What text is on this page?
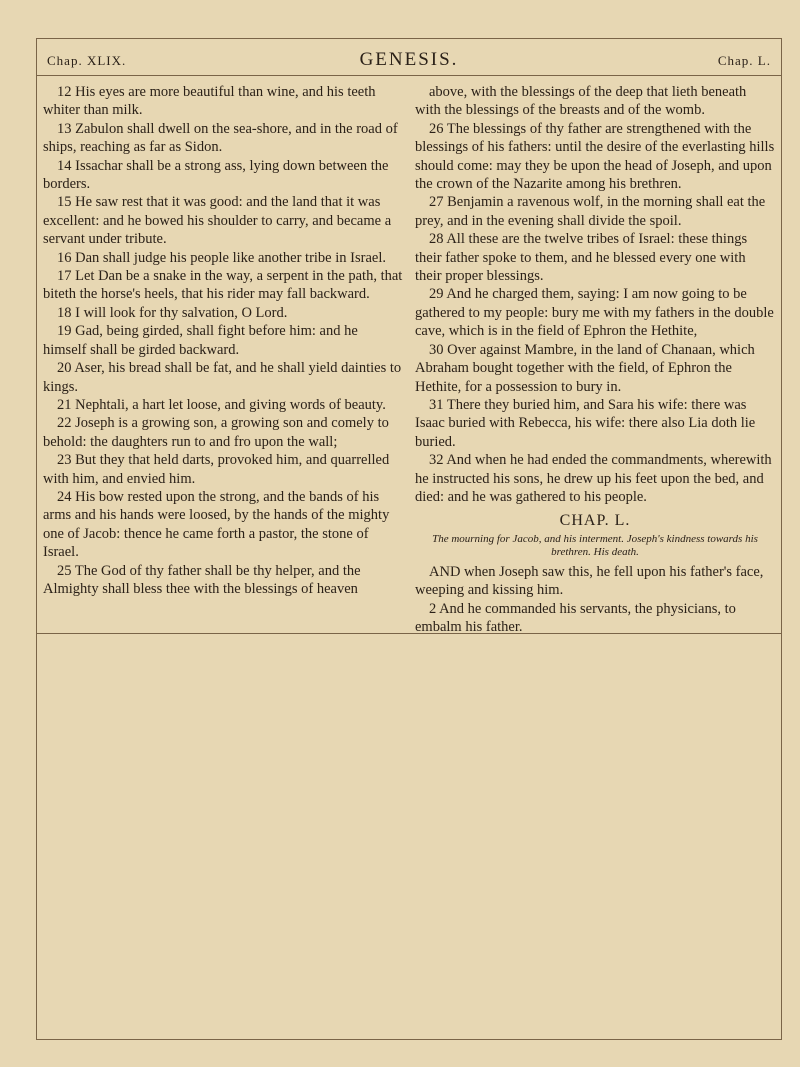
Chap. XLIX.	GENESIS.	Chap. L.

12 His eyes are more beautiful than wine, and his teeth whiter than milk.

13 Zabulon shall dwell on the sea-shore, and in the road of ships, reaching as far as Sidon.

14 Issachar shall be a strong ass, lying down between the borders.

15 He saw rest that it was good: and the land that it was excellent: and he bowed his shoulder to carry, and became a servant under tribute.

16 Dan shall judge his people like another tribe in Israel.

17 Let Dan be a snake in the way, a serpent in the path, that biteth the horse's heels, that his rider may fall backward.

18 I will look for thy salvation, O Lord.

19 Gad, being girded, shall fight before him: and he himself shall be girded backward.

20 Aser, his bread shall be fat, and he shall yield dainties to kings.

21 Nephtali, a hart let loose, and giving words of beauty.

22 Joseph is a growing son, a growing son and comely to behold: the daughters run to and fro upon the wall;

23 But they that held darts, provoked him, and quarrelled with him, and envied him.

24 His bow rested upon the strong, and the bands of his arms and his hands were loosed, by the hands of the mighty one of Jacob: thence he came forth a pastor, the stone of Israel.

25 The God of thy father shall be thy helper, and the Almighty shall bless thee with the blessings of heaven

above, with the blessings of the deep that lieth beneath with the blessings of the breasts and of the womb.

26 The blessings of thy father are strengthened with the blessings of his fathers: until the desire of the everlasting hills should come: may they be upon the head of Joseph, and upon the crown of the Nazarite among his brethren.

27 Benjamin a ravenous wolf, in the morning shall eat the prey, and in the evening shall divide the spoil.

28 All these are the twelve tribes of Israel: these things their father spoke to them, and he blessed every one with their proper blessings.

29 And he charged them, saying: I am now going to be gathered to my people: bury me with my fathers in the double cave, which is in the field of Ephron the Hethite,

30 Over against Mambre, in the land of Chanaan, which Abraham bought together with the field, of Ephron the Hethite, for a possession to bury in.

31 There they buried him, and Sara his wife: there was Isaac buried with Rebecca, his wife: there also Lia doth lie buried.

32 And when he had ended the commandments, wherewith he instructed his sons, he drew up his feet upon the bed, and died: and he was gathered to his people.

CHAP. L.
The mourning for Jacob, and his interment. Joseph's kindness towards his brethren. His death.

AND when Joseph saw this, he fell upon his father's face, weeping and kissing him.

2 And he commanded his servants, the physicians, to embalm his father.
